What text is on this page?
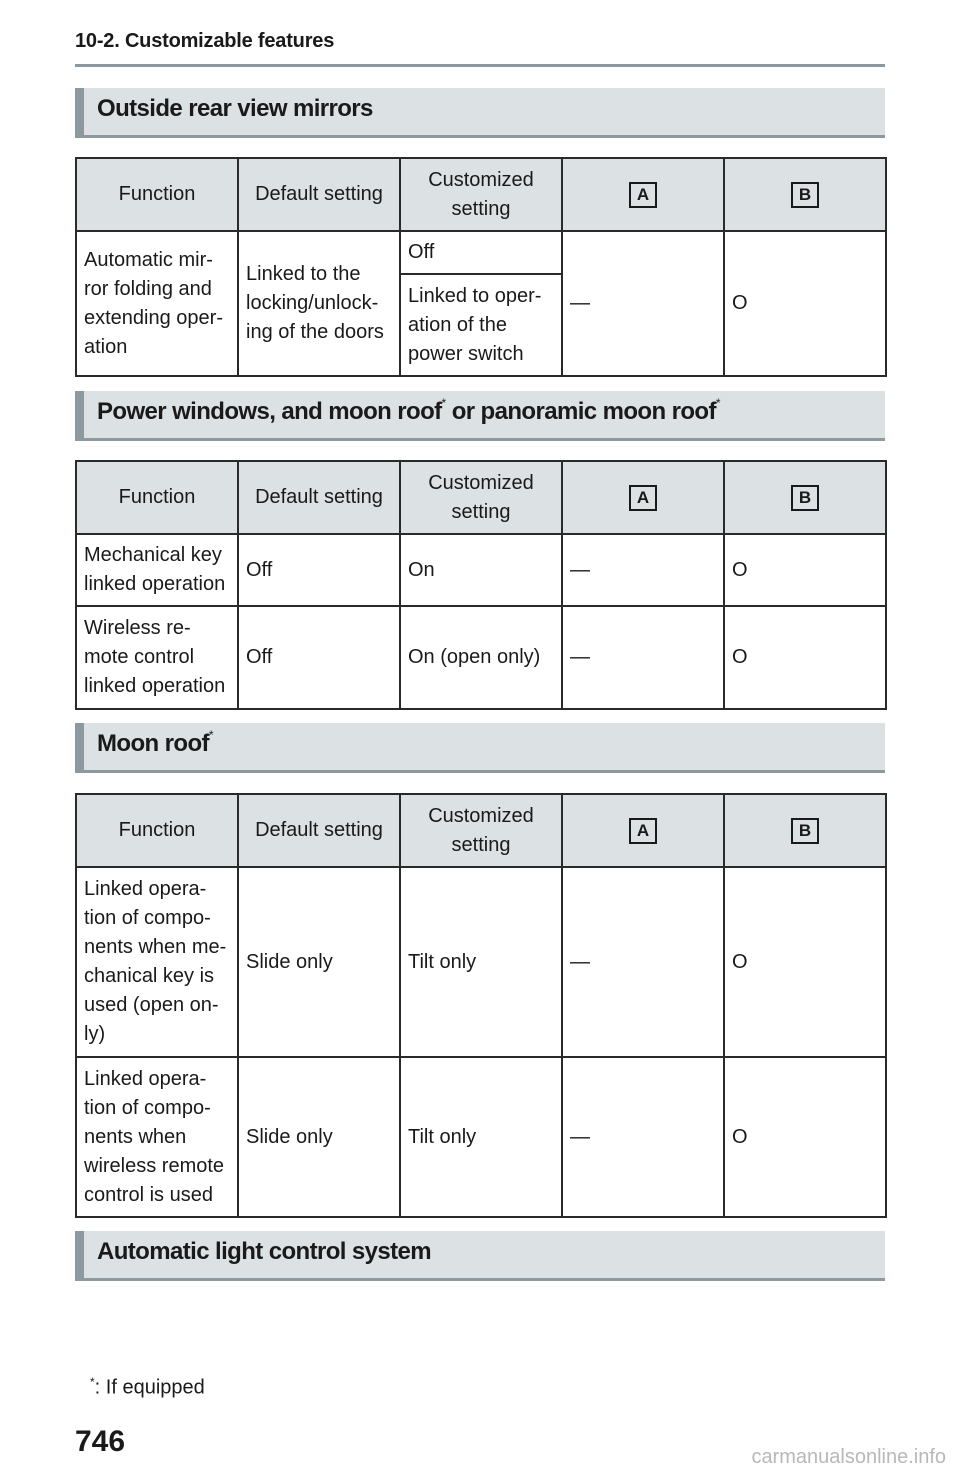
10-2. Customizable features
Outside rear view mirrors
Function	Default setting	Customized setting	A	B
Automatic mir-ror folding and extending oper-ation	Linked to the locking/unlock-ing of the doors	Off	—	O
		Linked to oper-ation of the power switch		
Power windows, and moon roof* or panoramic moon roof*
Function	Default setting	Customized setting	A	B
Mechanical key linked operation	Off	On	—	O
Wireless re-mote control linked operation	Off	On (open only)	—	O
Moon roof*
Function	Default setting	Customized setting	A	B
Linked opera-tion of compo-nents when me-chanical key is used (open on-ly)	Slide only	Tilt only	—	O
Linked opera-tion of compo-nents when wireless remote control is used	Slide only	Tilt only	—	O
Automatic light control system
*: If equipped
746	carmanualsonline.info
